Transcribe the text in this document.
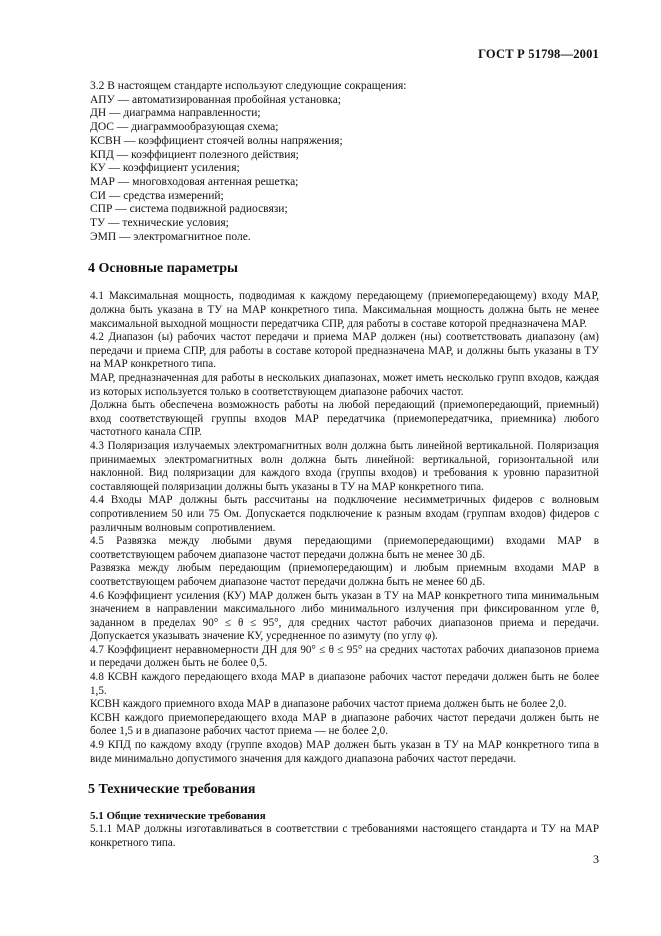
ГОСТ Р 51798—2001
3.2 В настоящем стандарте используют следующие сокращения:
АПУ — автоматизированная пробойная установка;
ДН — диаграмма направленности;
ДОС — диаграммообразующая схема;
КСВН — коэффициент стоячей волны напряжения;
КПД — коэффициент полезного действия;
КУ — коэффициент усиления;
МАР — многовходовая антенная решетка;
СИ — средства измерений;
СПР — система подвижной радиосвязи;
ТУ — технические условия;
ЭМП — электромагнитное поле.
4 Основные параметры

4.1 Максимальная мощность, подводимая к каждому передающему (приемопередающему) входу МАР, должна быть указана в ТУ на МАР конкретного типа. Максимальная мощность должна быть не менее максимальной выходной мощности передатчика СПР, для работы в составе которой предназначена МАР.

4.2 Диапазон (ы) рабочих частот передачи и приема МАР должен (ны) соответствовать диапазону (ам) передачи и приема СПР, для работы в составе которой предназначена МАР, и должны быть указаны в ТУ на МАР конкретного типа.

МАР, предназначенная для работы в нескольких диапазонах, может иметь несколько групп входов, каждая из которых используется только в соответствующем диапазоне рабочих частот.

Должна быть обеспечена возможность работы на любой передающий (приемопередающий, приемный) вход соответствующей группы входов МАР передатчика (приемопередатчика, приемника) любого частотного канала СПР.

4.3 Поляризация излучаемых электромагнитных волн должна быть линейной вертикальной. Поляризация принимаемых электромагнитных волн должна быть линейной: вертикальной, горизонтальной или наклонной. Вид поляризации для каждого входа (группы входов) и требования к уровню паразитной составляющей поляризации должны быть указаны в ТУ на МАР конкретного типа.

4.4 Входы МАР должны быть рассчитаны на подключение несимметричных фидеров с волновым сопротивлением 50 или 75 Ом. Допускается подключение к разным входам (группам входов) фидеров с различным волновым сопротивлением.

4.5 Развязка между любыми двумя передающими (приемопередающими) входами МАР в соответствующем рабочем диапазоне частот передачи должна быть не менее 30 дБ.

Развязка между любым передающим (приемопередающим) и любым приемным входами МАР в соответствующем рабочем диапазоне частот передачи должна быть не менее 60 дБ.

4.6 Коэффициент усиления (КУ) МАР должен быть указан в ТУ на МАР конкретного типа минимальным значением в направлении максимального либо минимального излучения при фиксированном угле θ, заданном в пределах 90° ≤ θ ≤ 95°, для средних частот рабочих диапазонов приема и передачи. Допускается указывать значение КУ, усредненное по азимуту (по углу φ).

4.7 Коэффициент неравномерности ДН для 90° ≤ θ ≤ 95° на средних частотах рабочих диапазонов приема и передачи должен быть не более 0,5.

4.8 КСВН каждого передающего входа МАР в диапазоне рабочих частот передачи должен быть не более 1,5.

КСВН каждого приемного входа МАР в диапазоне рабочих частот приема должен быть не более 2,0.

КСВН каждого приемопередающего входа МАР в диапазоне рабочих частот передачи должен быть не более 1,5 и в диапазоне рабочих частот приема — не более 2,0.

4.9 КПД по каждому входу (группе входов) МАР должен быть указан в ТУ на МАР конкретного типа в виде минимально допустимого значения для каждого диапазона рабочих частот передачи.

5 Технические требования
5.1 Общие технические требования

5.1.1 МАР должны изготавливаться в соответствии с требованиями настоящего стандарта и ТУ на МАР конкретного типа.

3
